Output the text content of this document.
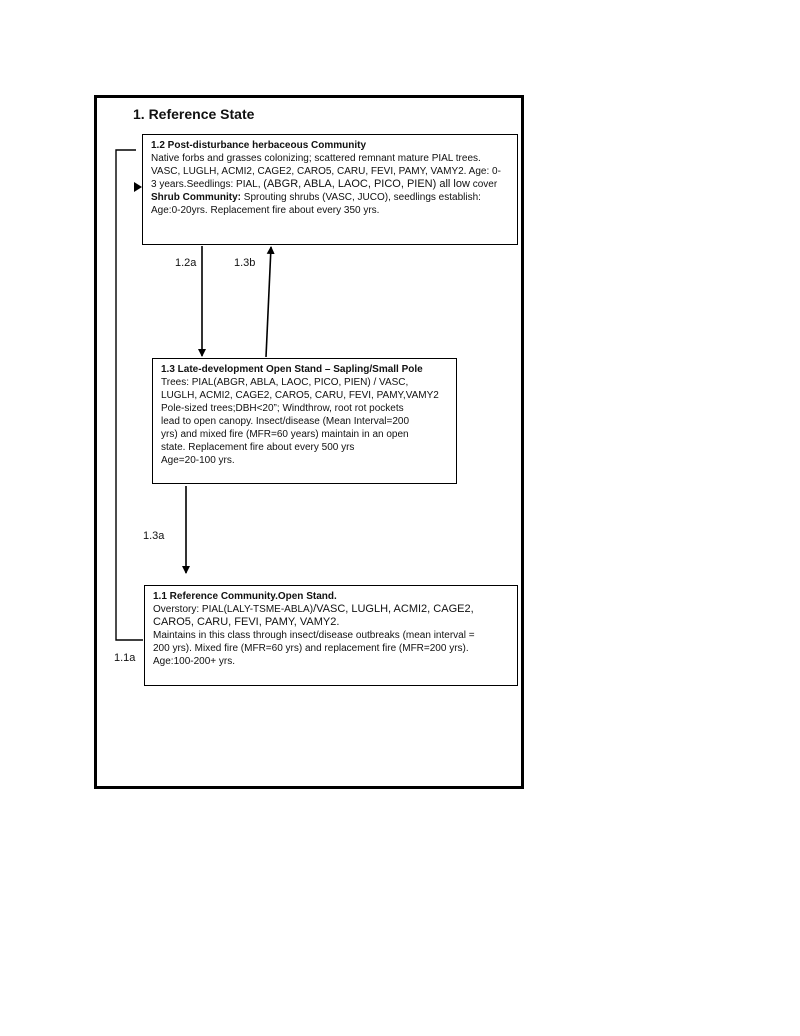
1. Reference State
1.2 Post-disturbance herbaceous Community
Native forbs and grasses colonizing; scattered remnant mature PIAL trees.
VASC, LUGLH, ACMI2, CAGE2, CARO5, CARU, FEVI, PAMY, VAMY2. Age: 0-
3 years.Seedlings: PIAL, (ABGR, ABLA, LAOC, PICO, PIEN) all low cover
Shrub Community: Sprouting shrubs (VASC, JUCO), seedlings establish:
Age:0-20yrs. Replacement fire about every 350 yrs.
1.3 Late-development Open Stand – Sapling/Small Pole
Trees: PIAL(ABGR, ABLA, LAOC, PICO, PIEN) / VASC,
LUGLH, ACMI2, CAGE2, CARO5, CARU, FEVI, PAMY,VAMY2
Pole-sized trees;DBH<20”; Windthrow, root rot pockets
lead to open canopy. Insect/disease (Mean Interval=200
yrs) and mixed fire (MFR=60 years) maintain in an open
state. Replacement fire about every 500 yrs
Age=20-100 yrs.
1.1 Reference Community.Open Stand.
Overstory: PIAL(LALY-TSME-ABLA)/VASC, LUGLH, ACMI2, CAGE2,
CARO5, CARU, FEVI, PAMY, VAMY2.
Maintains in this class through insect/disease outbreaks (mean interval =
200 yrs). Mixed fire (MFR=60 yrs) and replacement fire (MFR=200 yrs).
Age:100-200+ yrs.
1.2a	1.3b
1.3a
1.1a
